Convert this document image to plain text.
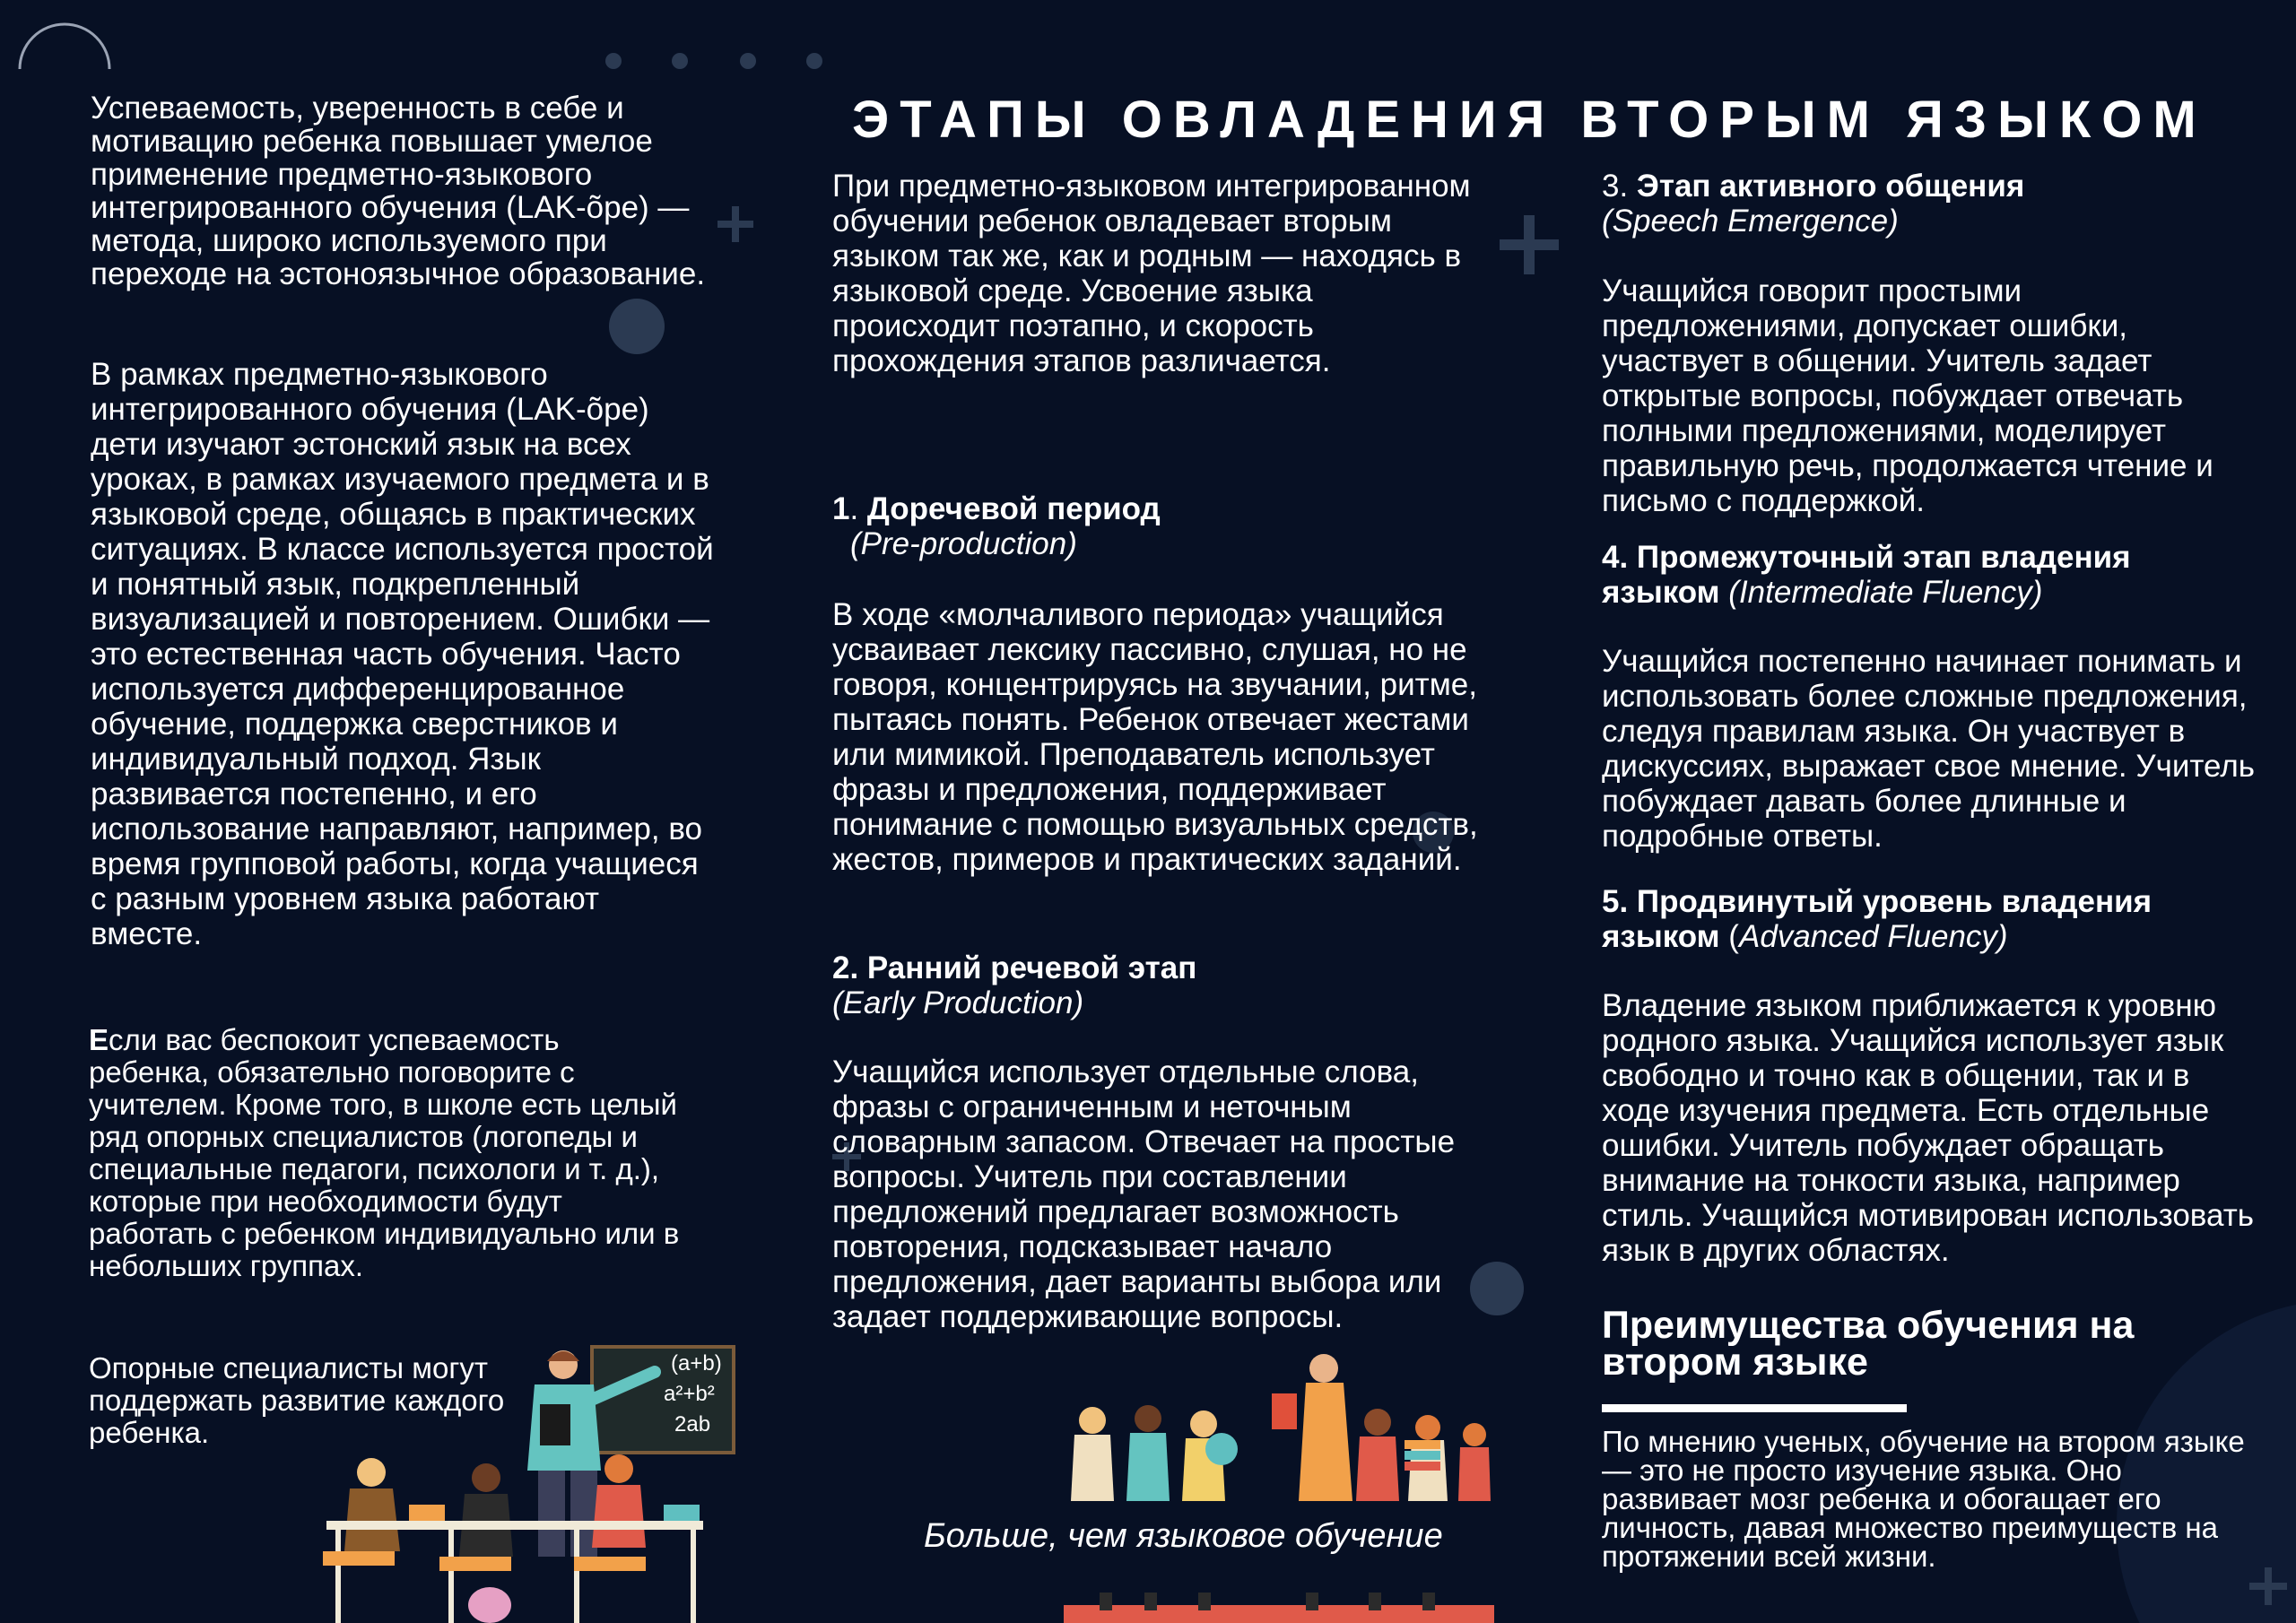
Успеваемость, уверенность в себе и мотивацию ребенка повышает умелое применение предметно-языкового интегрированного обучения (LAK-õpe) — метода, широко используемого при переходе на эстоноязычное образование.

В рамках предметно-языкового интегрированного обучения (LAK-õpe) дети изучают эстонский язык на всех уроках, в рамках изучаемого предмета и в языковой среде, общаясь в практических ситуациях. В классе используется простой и понятный язык, подкрепленный визуализацией и повторением. Ошибки — это естественная часть обучения. Часто используется дифференцированное обучение, поддержка сверстников и индивидуальный подход. Язык развивается постепенно, и его использование направляют, например, во время групповой работы, когда учащиеся с разным уровнем языка работают вместе.

Если вас беспокоит успеваемость ребенка, обязательно поговорите с учителем. Кроме того, в школе есть целый ряд опорных специалистов (логопеды и специальные педагоги, психологи и т. д.), которые при необходимости будут работать с ребенком индивидуально или в небольших группах.

Опорные специалисты могут поддержать развитие каждого ребенка.

(a+b)
a²+b²
2ab
ЭТАПЫ ОВЛАДЕНИЯ ВТОРЫМ ЯЗЫКОМ

При предметно-языковом интегрированном обучении ребенок овладевает вторым языком так же, как и родным — находясь в языковой среде. Усвоение языка происходит поэтапно, и скорость прохождения этапов различается.

1. Доречевой период

(Pre-production)

В ходе «молчаливого периода» учащийся усваивает лексику пассивно, слушая, но не говоря, концентрируясь на звучании, ритме, пытаясь понять. Ребенок отвечает жестами или мимикой. Преподаватель использует фразы и предложения, поддерживает понимание с помощью визуальных средств, жестов, примеров и практических заданий.

2. Ранний речевой этап

(Early Production)

Учащийся использует отдельные слова, фразы с ограниченным и неточным словарным запасом. Отвечает на простые вопросы. Учитель при составлении предложений предлагает возможность повторения, подсказывает начало предложения, дает варианты выбора или задает поддерживающие вопросы.

Больше, чем языковое обучение

3. Этап активного общения

(Speech Emergence)

Учащийся говорит простыми предложениями, допускает ошибки, участвует в общении. Учитель задает открытые вопросы, побуждает отвечать полными предложениями, моделирует правильную речь, продолжается чтение и письмо с поддержкой.

4. Промежуточный этап владения языком (Intermediate Fluency)

Учащийся постепенно начинает понимать и использовать более сложные предложения, следуя правилам языка. Он участвует в дискуссиях, выражает свое мнение. Учитель побуждает давать более длинные и подробные ответы.

5. Продвинутый уровень владения языком (Advanced Fluency)

Владение языком приближается к уровню родного языка. Учащийся использует язык свободно и точно как в общении, так и в ходе изучения предмета. Есть отдельные ошибки. Учитель побуждает обращать внимание на тонкости языка, например стиль. Учащийся мотивирован использовать язык в других областях.

Преимущества обучения на втором языке

По мнению ученых, обучение на втором языке — это не просто изучение языка. Оно развивает мозг ребенка и обогащает его личность, давая множество преимуществ на протяжении всей жизни.
